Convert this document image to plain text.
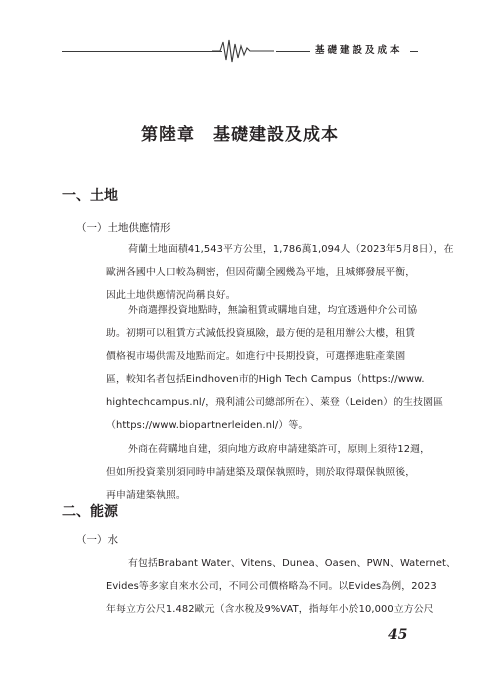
基礎建設及成本
第陸章　基礎建設及成本
一、土地
（一）土地供應情形
荷蘭土地面積41,543平方公里，1,786萬1,094人（2023年5月8日），在
歐洲各國中人口較為稠密，但因荷蘭全國幾為平地，且城鄉發展平衡，
因此土地供應情況尚稱良好。
外商選擇投資地點時，無論租賃或購地自建，均宜透過仲介公司協
助。初期可以租賃方式減低投資風險，最方便的是租用辦公大樓，租賃
價格視市場供需及地點而定。如進行中長期投資，可選擇進駐產業園
區，較知名者包括Eindhoven市的High Tech Campus（https://www.
hightechcampus.nl/，飛利浦公司總部所在）、萊登（Leiden）的生技園區
（https://www.biopartnerleiden.nl/）等。
外商在荷購地自建，須向地方政府申請建築許可，原則上須待12週，
但如所投資業別須同時申請建築及環保執照時，則於取得環保執照後，
再申請建築執照。
二、能源
（一）水
有包括Brabant Water、Vitens、Dunea、Oasen、PWN、Waternet、
Evides等多家自來水公司，不同公司價格略為不同。以Evides為例，2023
年每立方公尺1.482歐元（含水稅及9%VAT，指每年小於10,000立方公尺
45
